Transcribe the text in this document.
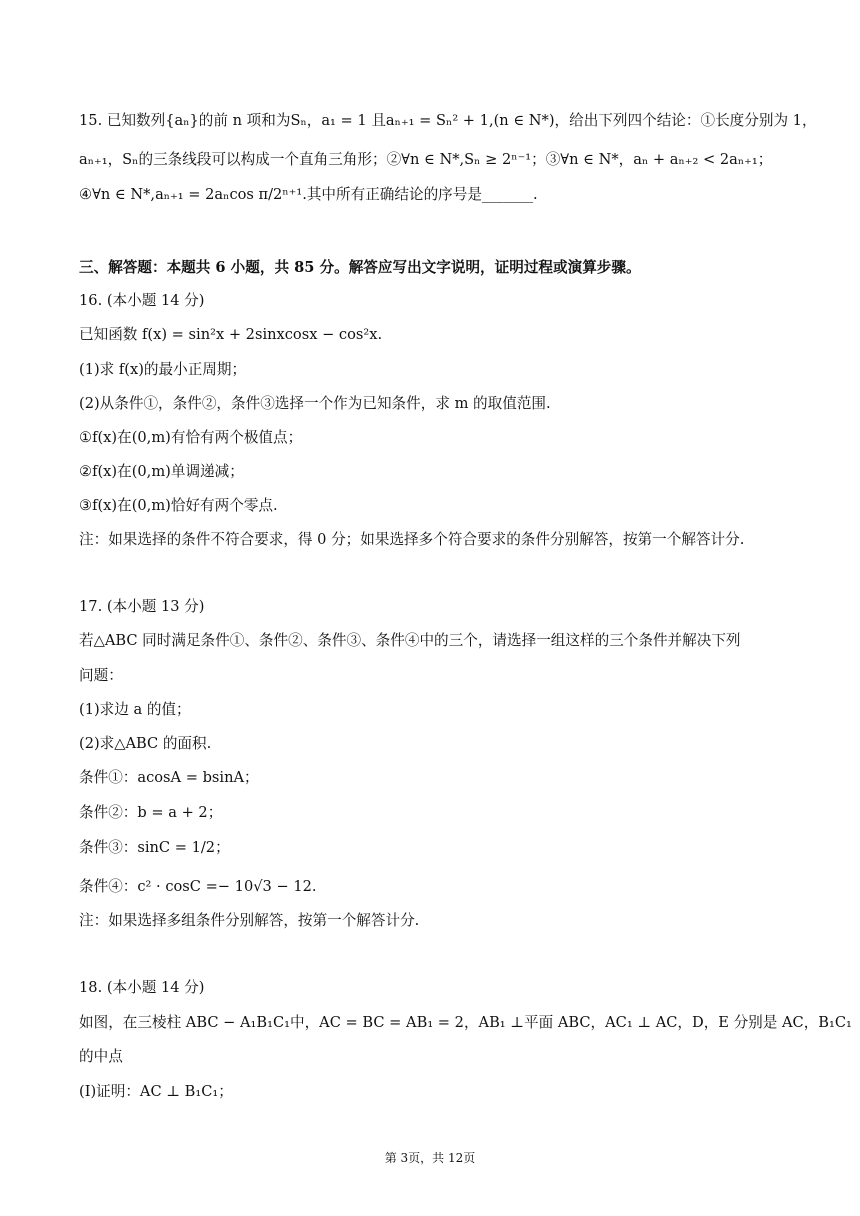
15. 已知数列{aₙ}的前 n 项和为Sₙ，a₁ = 1 且aₙ₊₁ = Sₙ² + 1,(n ∈ N*)，给出下列四个结论：①长度分别为 1，
aₙ₊₁，Sₙ的三条线段可以构成一个直角三角形；②∀n ∈ N*,Sₙ ≥ 2ⁿ⁻¹；③∀n ∈ N*，aₙ + aₙ₊₂ < 2aₙ₊₁；
④∀n ∈ N*,aₙ₊₁ = 2aₙcos π/2ⁿ⁺¹.其中所有正确结论的序号是_______.
三、解答题：本题共 6 小题，共 85 分。解答应写出文字说明，证明过程或演算步骤。
16. (本小题 14 分)
已知函数 f(x) = sin²x + 2sinxcosx − cos²x.
(1)求 f(x)的最小正周期；
(2)从条件①，条件②，条件③选择一个作为已知条件，求 m 的取值范围.
①f(x)在(0,m)有恰有两个极值点；
②f(x)在(0,m)单调递减；
③f(x)在(0,m)恰好有两个零点.
注：如果选择的条件不符合要求，得 0 分；如果选择多个符合要求的条件分别解答，按第一个解答计分.
17. (本小题 13 分)
若△ABC 同时满足条件①、条件②、条件③、条件④中的三个，请选择一组这样的三个条件并解决下列
问题：
(1)求边 a 的值；
(2)求△ABC 的面积.
条件①：acosA = bsinA；
条件②：b = a + 2；
条件③：sinC = 1/2；
条件④：c² · cosC =− 10√3 − 12.
注：如果选择多组条件分别解答，按第一个解答计分.
18. (本小题 14 分)
如图，在三棱柱 ABC − A₁B₁C₁中，AC = BC = AB₁ = 2，AB₁ ⊥平面 ABC，AC₁ ⊥ AC，D，E 分别是 AC，B₁C₁
的中点
(Ⅰ)证明：AC ⊥ B₁C₁；
第 3页，共 12页
